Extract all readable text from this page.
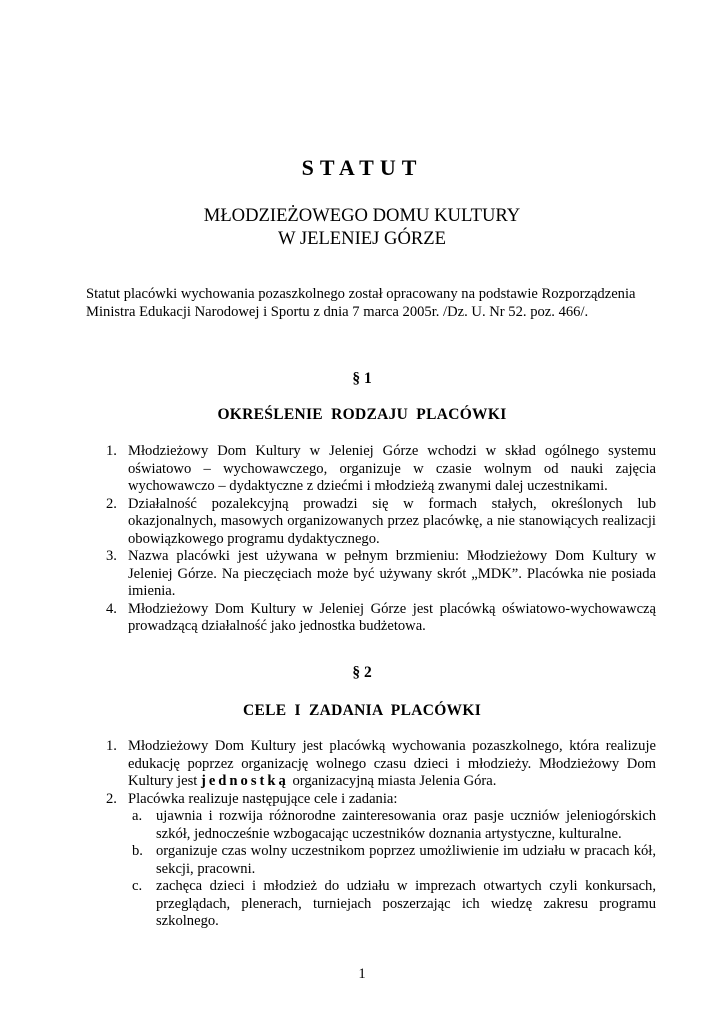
STATUT
MŁODZIEŻOWEGO DOMU KULTURY
W JELENIEJ GÓRZE
Statut placówki wychowania pozaszkolnego został opracowany na podstawie Rozporządzenia
Ministra Edukacji Narodowej i Sportu z dnia 7 marca 2005r. /Dz. U. Nr 52. poz. 466/.
§ 1
OKREŚLENIE RODZAJU PLACÓWKI
1. Młodzieżowy Dom Kultury w Jeleniej Górze wchodzi w skład ogólnego systemu oświatowo – wychowawczego, organizuje w czasie wolnym od nauki zajęcia wychowawczo – dydaktyczne z dziećmi i młodzieżą zwanymi dalej uczestnikami.
2. Działalność pozalekcyjną prowadzi się w formach stałych, określonych lub okazjonalnych, masowych organizowanych przez placówkę, a nie stanowiących realizacji obowiązkowego programu dydaktycznego.
3. Nazwa placówki jest używana w pełnym brzmieniu: Młodzieżowy Dom Kultury w Jeleniej Górze. Na pieczęciach może być używany skrót „MDK”. Placówka nie posiada imienia.
4. Młodzieżowy Dom Kultury w Jeleniej Górze jest placówką oświatowo-wychowawczą prowadzącą działalność jako jednostka budżetowa.
§ 2
CELE I ZADANIA PLACÓWKI
1. Młodzieżowy Dom Kultury jest placówką wychowania pozaszkolnego, która realizuje edukację poprzez organizację wolnego czasu dzieci i młodzieży. Młodzieżowy Dom Kultury jest jednostką organizacyjną miasta Jelenia Góra.
2. Placówka realizuje następujące cele i zadania:
a. ujawnia i rozwija różnorodne zainteresowania oraz pasje uczniów jeleniogórskich szkół, jednocześnie wzbogacając uczestników doznania artystyczne, kulturalne.
b. organizuje czas wolny uczestnikom poprzez umożliwienie im udziału w pracach kół, sekcji, pracowni.
c. zachęca dzieci i młodzież do udziału w imprezach otwartych czyli konkursach, przeglądach, plenerach, turniejach poszerzając ich wiedzę zakresu programu szkolnego.
1
